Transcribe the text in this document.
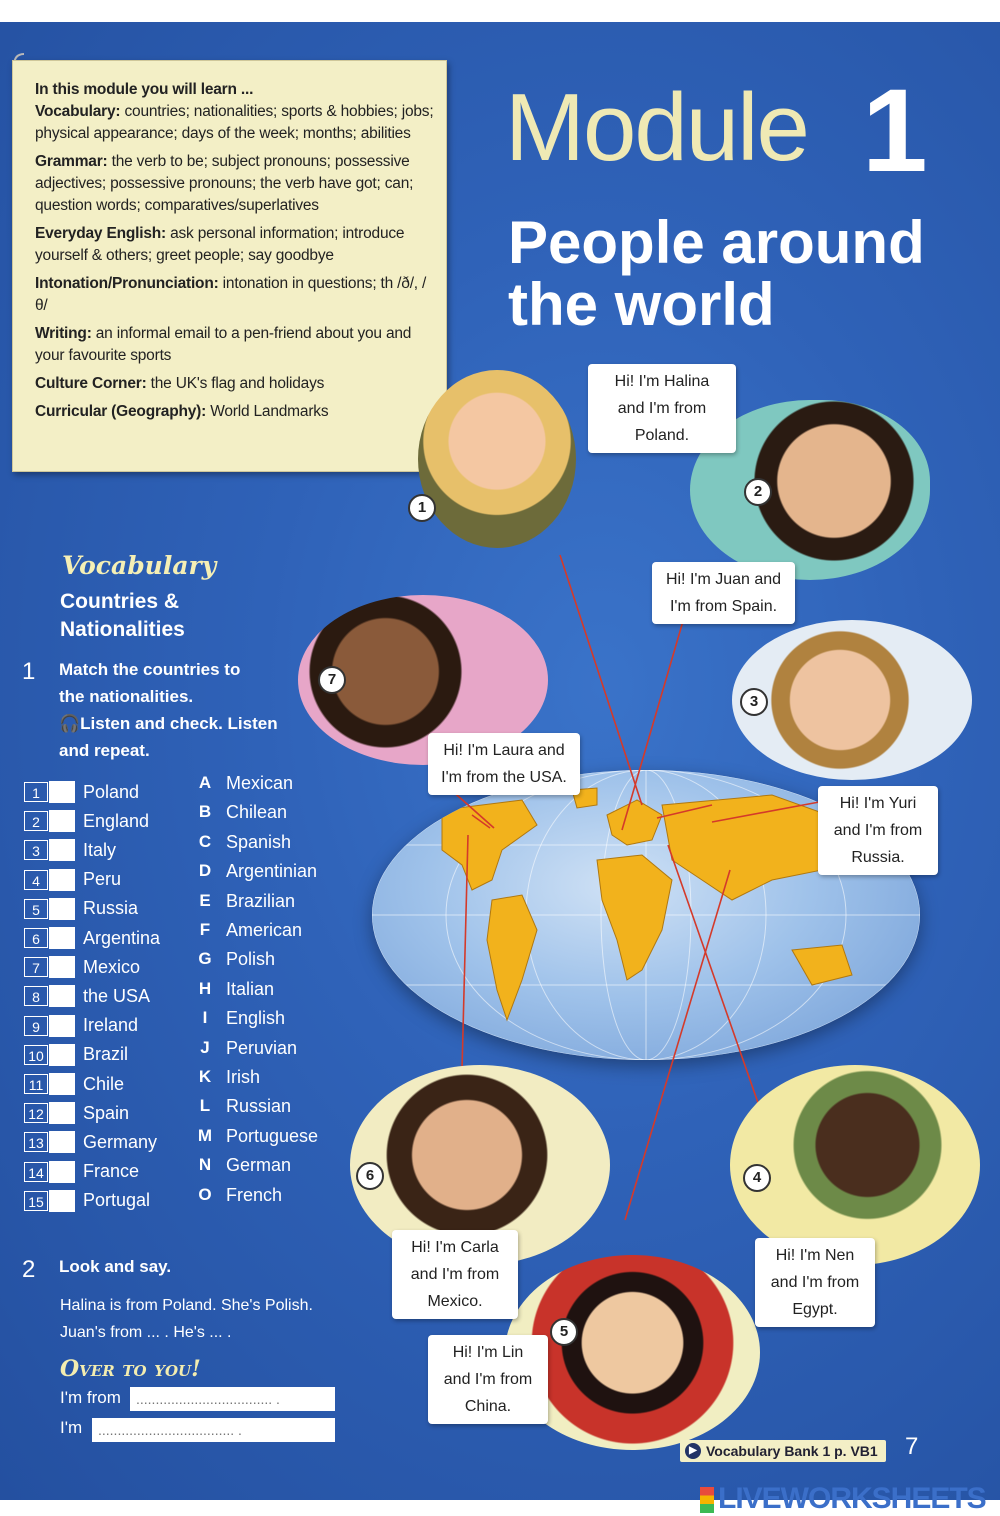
In this module you will learn ...

Vocabulary: countries; nationalities; sports & hobbies; jobs; physical appearance; days of the week; months; abilities

Grammar: the verb to be; subject pronouns; possessive adjectives; possessive pronouns; the verb have got; can; question words; comparatives/superlatives

Everyday English: ask personal information; introduce yourself & others; greet people; say goodbye

Intonation/Pronunciation: intonation in questions; th /ð/, /θ/

Writing: an informal email to a pen-friend about you and your favourite sports

Culture Corner: the UK's flag and holidays

Curricular (Geography): World Landmarks

Module 1
People around
the world
Vocabulary
Countries &
Nationalities
1 Match the countries to
the nationalities.
🎧Listen and check. Listen
and repeat.
1	Poland
2	England
3	Italy
4	Peru
5	Russia
6	Argentina
7	Mexico
8	the USA
9	Ireland
10 Brazil
11 Chile
12 Spain
13 Germany
14 France
15 Portugal
A Mexican
B Chilean
C Spanish
D Argentinian
E Brazilian
F American
G Polish
H Italian
I	English
J Peruvian
K Irish
L Russian
M Portuguese
N German
O French
2 Look and say.
Halina is from Poland. She's Polish.
Juan's from ... . He's ... .
Over to you!
I'm from
................................... .
I'm
................................... .
Hi! I'm Halina
and I'm from
Poland.
Hi! I'm Juan and
I'm from Spain.
Hi! I'm Laura and
I'm from the USA.
Hi! I'm Yuri
and I'm from
Russia.
Hi! I'm Carla
and I'm from
Mexico.
Hi! I'm Nen
and I'm from
Egypt.
Hi! I'm Lin
and I'm from
China.
1
2
3
4
5
6
7
▶ Vocabulary Bank 1 p. VB1	7
LIVEWORKSHEETS
